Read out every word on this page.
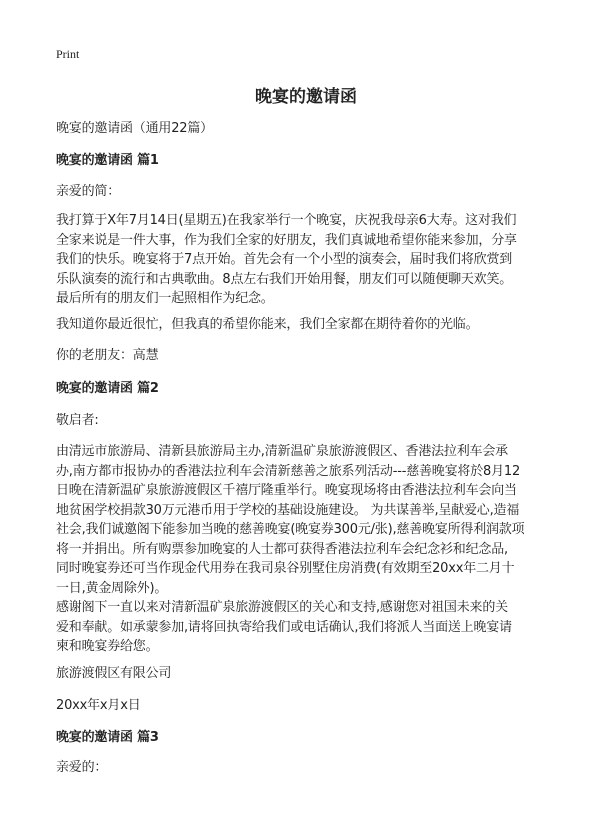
Print
晚宴的邀请函
晚宴的邀请函（通用22篇）
晚宴的邀请函 篇1
亲爱的简：
我打算于X年7月14日(星期五)在我家举行一个晚宴，庆祝我母亲6大寿。这对我们
全家来说是一件大事，作为我们全家的好朋友，我们真诚地希望你能来参加，分享
我们的快乐。晚宴将于7点开始。首先会有一个小型的演奏会，届时我们将欣赏到
乐队演奏的流行和古典歌曲。8点左右我们开始用餐，朋友们可以随便聊天欢笑。
最后所有的朋友们一起照相作为纪念。
我知道你最近很忙，但我真的希望你能来，我们全家都在期待着你的光临。
你的老朋友：高慧
晚宴的邀请函 篇2
敬启者:
由清远市旅游局、清新县旅游局主办,清新温矿泉旅游渡假区、香港法拉利车会承
办,南方都市报协办的香港法拉利车会清新慈善之旅系列活动---慈善晚宴将於8月12
日晚在清新温矿泉旅游渡假区千禧厅隆重举行。晚宴现场将由香港法拉利车会向当
地贫困学校捐款30万元港币用于学校的基础设施建设。 为共谋善举,呈献爱心,造福
社会,我们诚邀阁下能参加当晚的慈善晚宴(晚宴券300元/张),慈善晚宴所得利润款项
将一并捐出。所有购票参加晚宴的人士都可获得香港法拉利车会纪念衫和纪念品,
同时晚宴券还可当作现金代用券在我司泉谷别墅住房消费(有效期至20xx年二月十
一日,黄金周除外)。
感谢阁下一直以来对清新温矿泉旅游渡假区的关心和支持,感谢您对祖国未来的关
爱和奉献。如承蒙参加,请将回执寄给我们或电话确认,我们将派人当面送上晚宴请
柬和晚宴券给您。
旅游渡假区有限公司
20xx年x月x日
晚宴的邀请函 篇3
亲爱的：
